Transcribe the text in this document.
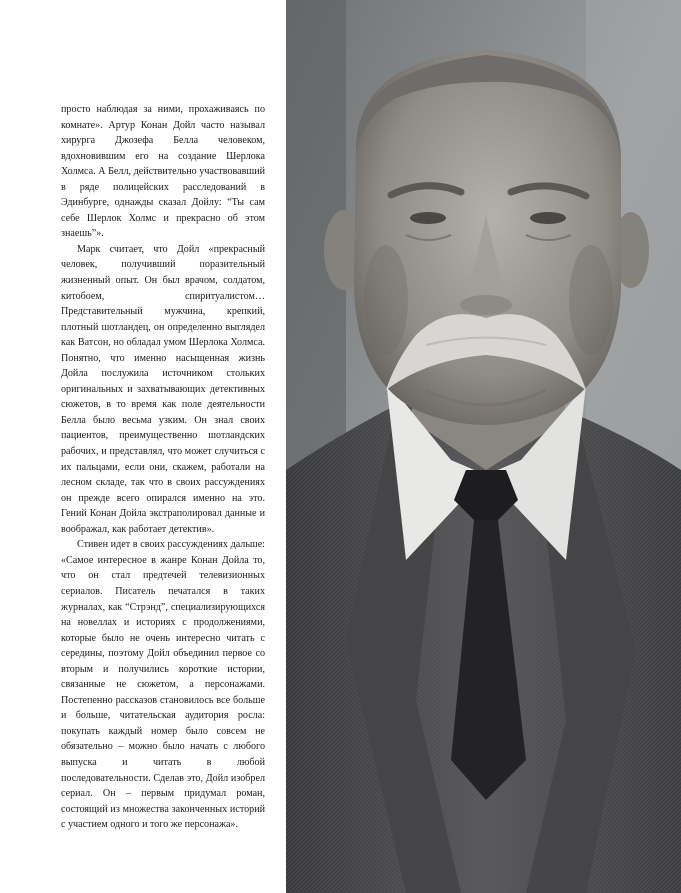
просто наблюдая за ними, прохаживаясь по комнате». Артур Конан Дойл часто называл хирурга Джозефа Белла человеком, вдохновившим его на создание Шерлока Холмса. А Белл, действительно участвовавший в ряде полицейских расследований в Эдинбурге, однажды сказал Дойлу: “Ты сам себе Шерлок Холмс и прекрасно об этом знаешь”».

Марк считает, что Дойл «прекрасный человек, получивший поразительный жизненный опыт. Он был врачом, солдатом, китобоем, спиритуалистом… Представительный мужчина, крепкий, плотный шотландец, он определенно выглядел как Ватсон, но обладал умом Шерлока Холмса. Понятно, что именно насыщенная жизнь Дойла послужила источником стольких оригинальных и захватывающих детективных сюжетов, в то время как поле деятельности Белла было весьма узким. Он знал своих пациентов, преимущественно шотландских рабочих, и представлял, что может случиться с их пальцами, если они, скажем, работали на лесном складе, так что в своих рассуждениях он прежде всего опирался именно на это. Гений Конан Дойла экстраполировал данные и воображал, как работает детектив».

Стивен идет в своих рассуждениях дальше: «Самое интересное в жанре Конан Дойла то, что он стал предтечей телевизионных сериалов. Писатель печатался в таких журналах, как “Стрэнд”, специализирующихся на новеллах и историях с продолжениями, которые было не очень интересно читать с середины, поэтому Дойл объединил первое со вторым и получились короткие истории, связанные не сюжетом, а персонажами. Постепенно рассказов становилось все больше и больше, читательская аудитория росла: покупать каждый номер было совсем не обязательно – можно было начать с любого выпуска и читать в любой последовательности. Сделав это, Дойл изобрел сериал. Он – первым придумал роман, состоящий из множества законченных историй с участием одного и того же персонажа».
